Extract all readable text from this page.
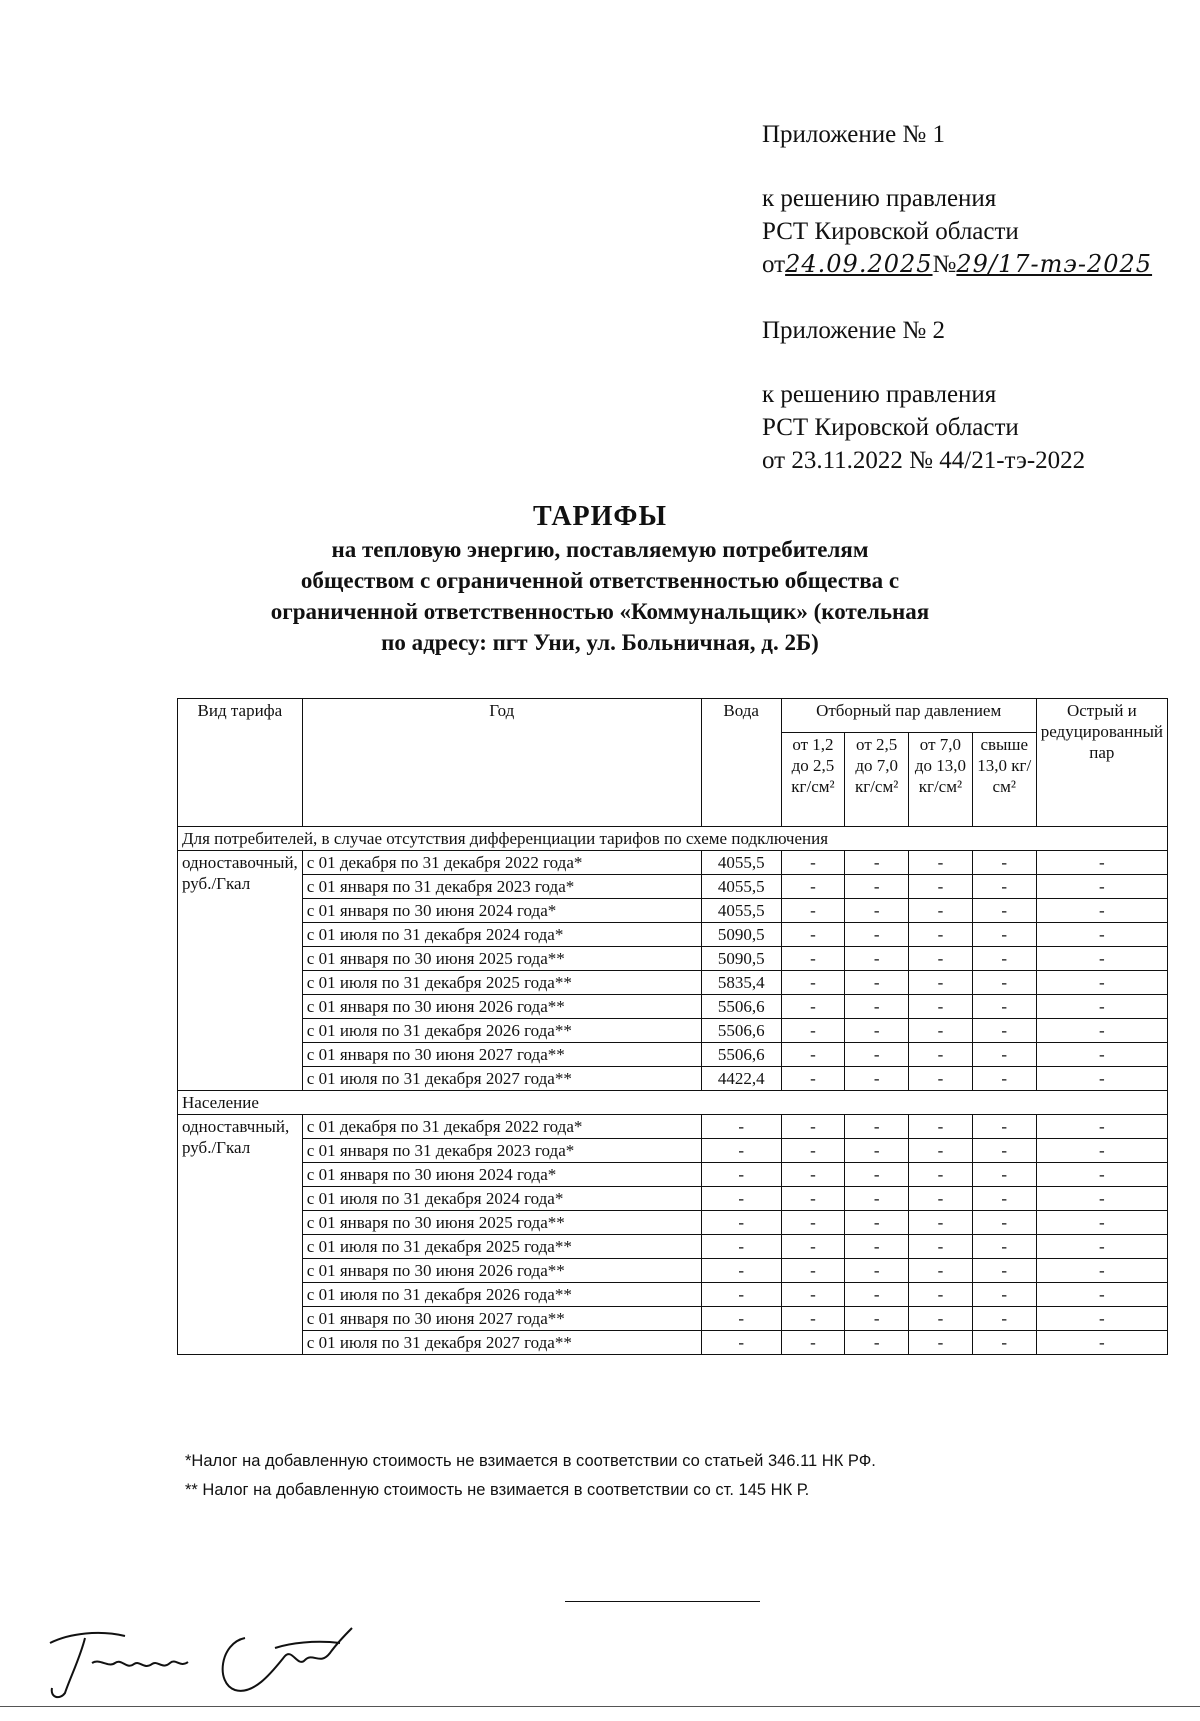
Приложение № 1
к решению правления
РСТ Кировской области
от24.09.2025№29/17-тэ-2025
Приложение № 2
к решению правления
РСТ Кировской области
от 23.11.2022 № 44/21-тэ-2022
ТАРИФЫ
на тепловую энергию, поставляемую потребителям
обществом с ограниченной ответственностью общества с
ограниченной ответственностью «Коммунальщик» (котельная
по адресу: пгт Уни, ул. Больничная, д. 2Б)
Вид тарифа	Год	Вода	Отборный пар давлением				Острый и редуцированный пар
			от 1,2 до 2,5 кг/см²	от 2,5 до 7,0 кг/см²	от 7,0 до 13,0 кг/см²	свыше 13,0 кг/см²	
Для потребителей, в случае отсутствия дифференциации тарифов по схеме подключения							
одноставочный, руб./Гкал	с 01 декабря по 31 декабря 2022 года*	4055,5	-	-	-	-	-
	с 01 января по 31 декабря 2023 года*	4055,5	-	-	-	-	-
	с 01 января по 30 июня 2024 года*	4055,5	-	-	-	-	-
	с 01 июля по 31 декабря 2024 года*	5090,5	-	-	-	-	-
	с 01 января по 30 июня 2025 года**	5090,5	-	-	-	-	-
	с 01 июля по 31 декабря 2025 года**	5835,4	-	-	-	-	-
	с 01 января по 30 июня 2026 года**	5506,6	-	-	-	-	-
	с 01 июля по 31 декабря 2026 года**	5506,6	-	-	-	-	-
	с 01 января по 30 июня 2027 года**	5506,6	-	-	-	-	-
	с 01 июля по 31 декабря 2027 года**	4422,4	-	-	-	-	-
Население							
одноставчный, руб./Гкал	с 01 декабря по 31 декабря 2022 года*	-	-	-	-	-	-
	с 01 января по 31 декабря 2023 года*	-	-	-	-	-	-
	с 01 января по 30 июня 2024 года*	-	-	-	-	-	-
	с 01 июля по 31 декабря 2024 года*	-	-	-	-	-	-
	с 01 января по 30 июня 2025 года**	-	-	-	-	-	-
	с 01 июля по 31 декабря 2025 года**	-	-	-	-	-	-
	с 01 января по 30 июня 2026 года**	-	-	-	-	-	-
	с 01 июля по 31 декабря 2026 года**	-	-	-	-	-	-
	с 01 января по 30 июня 2027 года**	-	-	-	-	-	-
	с 01 июля по 31 декабря 2027 года**	-	-	-	-	-	-
*Налог на добавленную стоимость не взимается в соответствии со статьей 346.11 НК РФ.
** Налог на добавленную стоимость не взимается в соответствии со ст. 145 НК Р.
